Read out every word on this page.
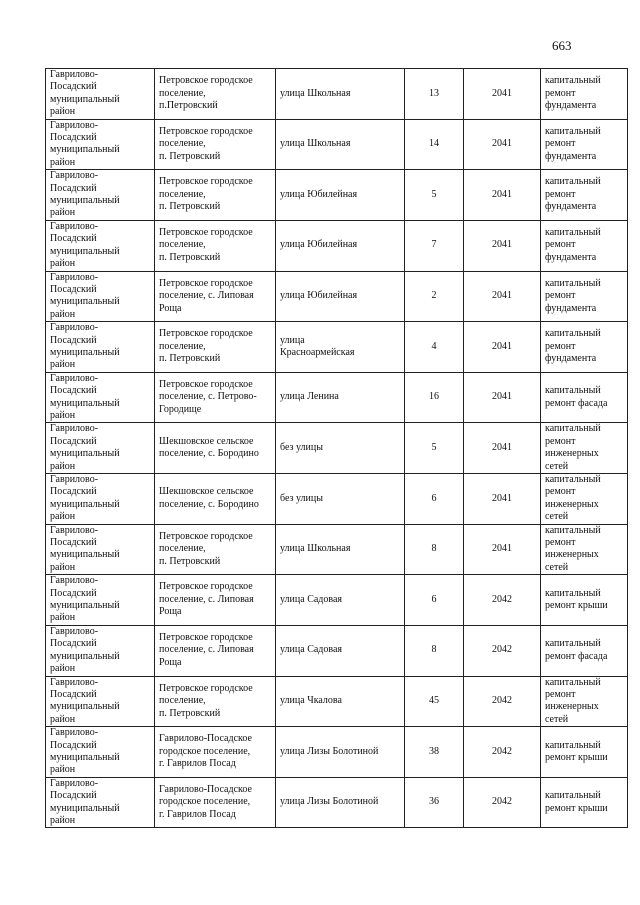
663
Гаврилово-
Посадский
муниципальный
район	Петровское городское
поселение,
п.Петровский	улица Школьная	13	2041	капитальный
ремонт
фундамента

Гаврилово-
Посадский
муниципальный
район	Петровское городское
поселение,
п. Петровский	улица Школьная	14	2041	капитальный
ремонт
фундамента

Гаврилово-
Посадский
муниципальный
район	Петровское городское
поселение,
п. Петровский	улица Юбилейная	5	2041	капитальный
ремонт
фундамента

Гаврилово-
Посадский
муниципальный
район	Петровское городское
поселение,
п. Петровский	улица Юбилейная	7	2041	капитальный
ремонт
фундамента

Гаврилово-
Посадский
муниципальный
район	Петровское городское
поселение, с. Липовая
Роща	улица Юбилейная	2	2041	капитальный
ремонт
фундамента

Гаврилово-
Посадский
муниципальный
район	Петровское городское
поселение,
п. Петровский	улица
Красноармейская	4	2041	капитальный
ремонт
фундамента

Гаврилово-
Посадский
муниципальный
район	Петровское городское
поселение, с. Петрово-
Городище	улица Ленина	16	2041	капитальный
ремонт фасада

Гаврилово-
Посадский
муниципальный
район	Шекшовское сельское
поселение, с. Бородино	без улицы	5	2041	капитальный
ремонт
инженерных
сетей

Гаврилово-
Посадский
муниципальный
район	Шекшовское сельское
поселение, с. Бородино	без улицы	6	2041	капитальный
ремонт
инженерных
сетей

Гаврилово-
Посадский
муниципальный
район	Петровское городское
поселение,
п. Петровский	улица Школьная	8	2041	капитальный
ремонт
инженерных
сетей

Гаврилово-
Посадский
муниципальный
район	Петровское городское
поселение, с. Липовая
Роща	улица Садовая	6	2042	капитальный
ремонт крыши

Гаврилово-
Посадский
муниципальный
район	Петровское городское
поселение, с. Липовая
Роща	улица Садовая	8	2042	капитальный
ремонт фасада

Гаврилово-
Посадский
муниципальный
район	Петровское городское
поселение,
п. Петровский	улица Чкалова	45	2042	капитальный
ремонт
инженерных
сетей

Гаврилово-
Посадский
муниципальный
район	Гаврилово-Посадское
городское поселение,
г. Гаврилов Посад	улица Лизы Болотиной	38	2042	капитальный
ремонт крыши

Гаврилово-
Посадский
муниципальный
район	Гаврилово-Посадское
городское поселение,
г. Гаврилов Посад	улица Лизы Болотиной	36	2042	капитальный
ремонт крыши
